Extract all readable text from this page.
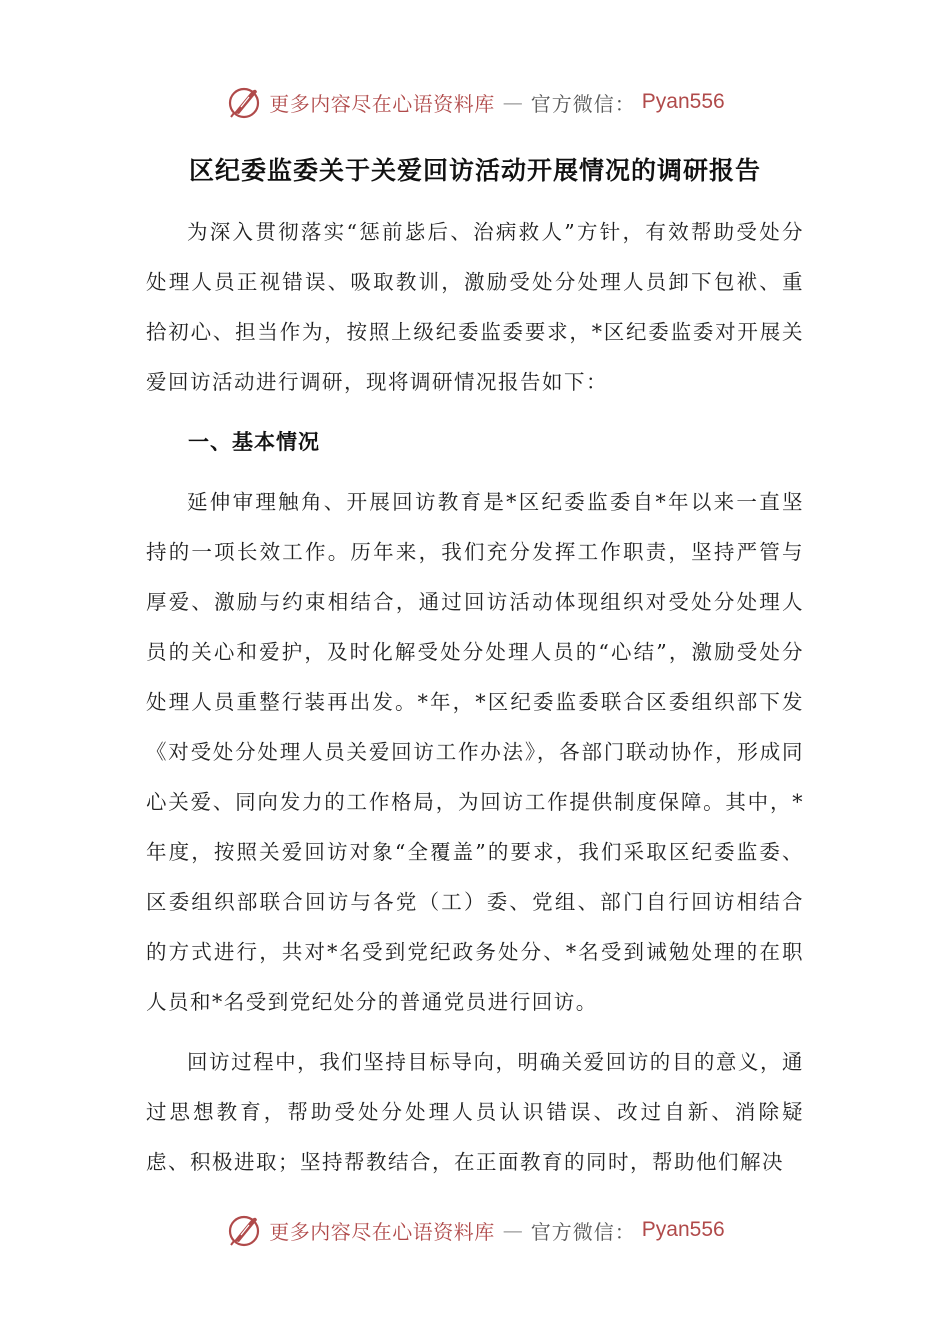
更多内容尽在心语资料库 — 官方微信： Pyan556
区纪委监委关于关爱回访活动开展情况的调研报告

为深入贯彻落实“惩前毖后、治病救人”方针，有效帮助受处分处理人员正视错误、吸取教训，激励受处分处理人员卸下包袱、重拾初心、担当作为，按照上级纪委监委要求，*区纪委监委对开展关爱回访活动进行调研，现将调研情况报告如下：

一、基本情况

延伸审理触角、开展回访教育是*区纪委监委自*年以来一直坚持的一项长效工作。历年来，我们充分发挥工作职责，坚持严管与厚爱、激励与约束相结合，通过回访活动体现组织对受处分处理人员的关心和爱护，及时化解受处分处理人员的“心结”，激励受处分处理人员重整行装再出发。*年，*区纪委监委联合区委组织部下发《对受处分处理人员关爱回访工作办法》，各部门联动协作，形成同心关爱、同向发力的工作格局，为回访工作提供制度保障。其中，*年度，按照关爱回访对象“全覆盖”的要求，我们采取区纪委监委、区委组织部联合回访与各党（工）委、党组、部门自行回访相结合的方式进行，共对*名受到党纪政务处分、*名受到诫勉处理的在职人员和*名受到党纪处分的普通党员进行回访。

回访过程中，我们坚持目标导向，明确关爱回访的目的意义，通过思想教育，帮助受处分处理人员认识错误、改过自新、消除疑虑、积极进取；坚持帮教结合，在正面教育的同时，帮助他们解决

更多内容尽在心语资料库 — 官方微信： Pyan556
